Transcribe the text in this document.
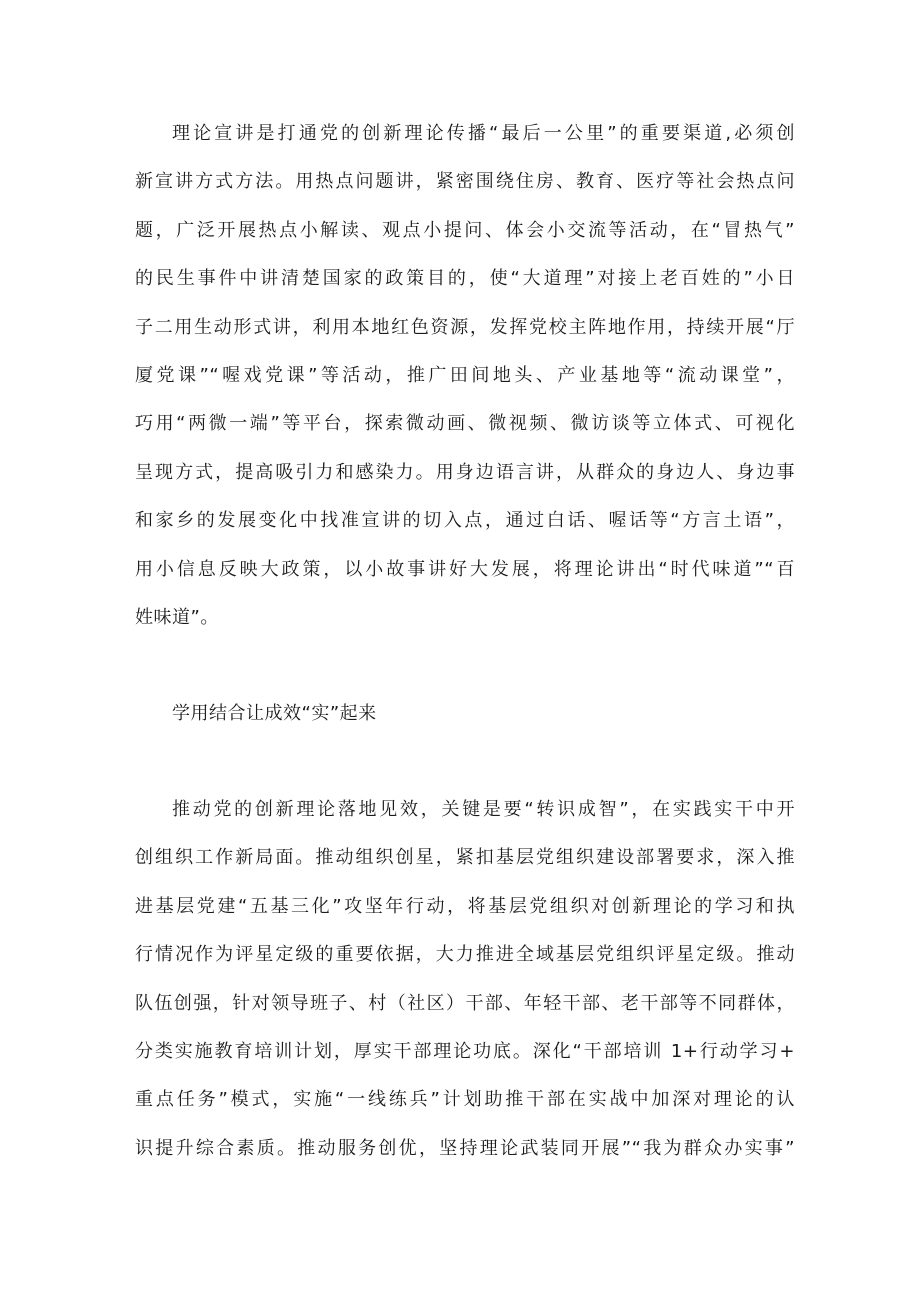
理论宣讲是打通党的创新理论传播“最后一公里”的重要渠道,必须创
新宣讲方式方法。用热点问题讲，紧密围绕住房、教育、医疗等社会热点问
题，广泛开展热点小解读、观点小提问、体会小交流等活动，在“冒热气”
的民生事件中讲清楚国家的政策目的，使“大道理”对接上老百姓的”小日
子二用生动形式讲，利用本地红色资源，发挥党校主阵地作用，持续开展“厅
厦党课”“喔戏党课”等活动，推广田间地头、产业基地等“流动课堂”，
巧用“两微一端”等平台，探索微动画、微视频、微访谈等立体式、可视化
呈现方式，提高吸引力和感染力。用身边语言讲，从群众的身边人、身边事
和家乡的发展变化中找准宣讲的切入点，通过白话、喔话等“方言土语”，
用小信息反映大政策，以小故事讲好大发展，将理论讲出“时代味道”“百
姓味道”。
学用结合让成效“实”起来
推动党的创新理论落地见效，关键是要“转识成智”，在实践实干中开
创组织工作新局面。推动组织创星，紧扣基层党组织建设部署要求，深入推
进基层党建“五基三化”攻坚年行动，将基层党组织对创新理论的学习和执
行情况作为评星定级的重要依据，大力推进全域基层党组织评星定级。推动
队伍创强，针对领导班子、村（社区）干部、年轻干部、老干部等不同群体，
分类实施教育培训计划，厚实干部理论功底。深化“干部培训 1+行动学习+
重点任务”模式，实施“一线练兵”计划助推干部在实战中加深对理论的认
识提升综合素质。推动服务创优，坚持理论武装同开展”“我为群众办实事”
